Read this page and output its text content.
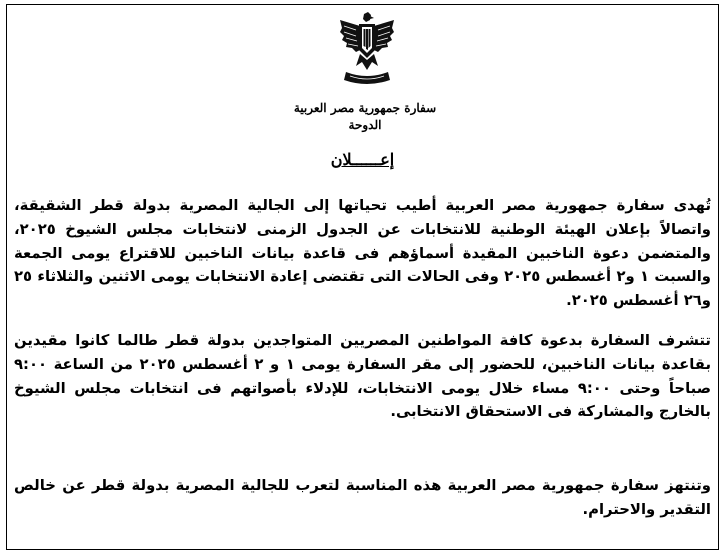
سفارة جمهورية مصر العربية
الدوحة
إعــــــلان
تُهدى سفارة جمهورية مصر العربية أطيب تحياتها إلى الجالية المصرية بدولة قطر الشقيقة، واتصالاً بإعلان الهيئة الوطنية للانتخابات عن الجدول الزمنى لانتخابات مجلس الشيوخ ٢٠٢٥، والمتضمن دعوة الناخبين المقيدة أسماؤهم فى قاعدة بيانات الناخبين للاقتراع يومى الجمعة والسبت ١ و٢ أغسطس ٢٠٢٥ وفى الحالات التى تقتضى إعادة الانتخابات يومى الاثنين والثلاثاء ٢٥ و٢٦ أغسطس ٢٠٢٥.
تتشرف السفارة بدعوة كافة المواطنين المصريين المتواجدين بدولة قطر طالما كانوا مقيدين بقاعدة بيانات الناخبين، للحضور إلى مقر السفارة يومى ١ و ٢ أغسطس ٢٠٢٥ من الساعة ٩:٠٠ صباحاً وحتى ٩:٠٠ مساء خلال يومى الانتخابات، للإدلاء بأصواتهم فى انتخابات مجلس الشيوخ بالخارج والمشاركة فى الاستحقاق الانتخابى.
وتنتهز سفارة جمهورية مصر العربية هذه المناسبة لتعرب للجالية المصرية بدولة قطر عن خالص التقدير والاحترام.
